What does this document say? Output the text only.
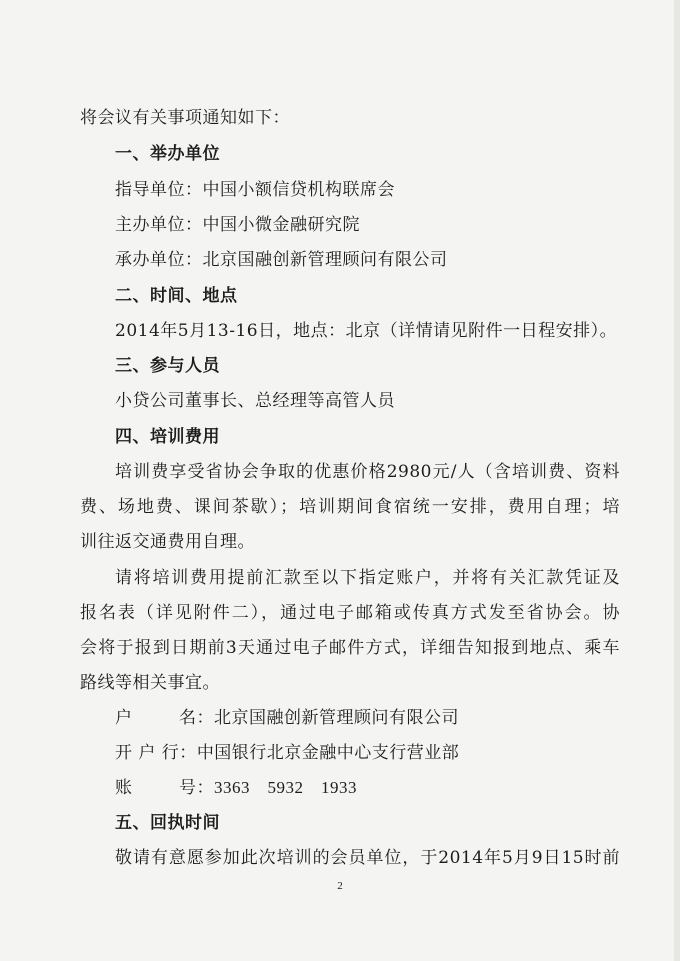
将会议有关事项通知如下：
一、举办单位
指导单位：中国小额信贷机构联席会
主办单位：中国小微金融研究院
承办单位：北京国融创新管理顾问有限公司
二、时间、地点
2014年5月13-16日，地点：北京（详情请见附件一日程安排）。
三、参与人员
小贷公司董事长、总经理等高管人员
四、培训费用
培训费享受省协会争取的优惠价格2980元/人（含培训费、资料
费、场地费、课间茶歇）；培训期间食宿统一安排，费用自理；培
训往返交通费用自理。
请将培训费用提前汇款至以下指定账户，并将有关汇款凭证及
报名表（详见附件二），通过电子邮箱或传真方式发至省协会。协
会将于报到日期前3天通过电子邮件方式，详细告知报到地点、乘车
路线等相关事宜。
户	名：北京国融创新管理顾问有限公司
开 户 行：中国银行北京金融中心支行营业部
账	号：3363　5932　1933
五、回执时间
敬请有意愿参加此次培训的会员单位，于2014年5月9日15时前
2
